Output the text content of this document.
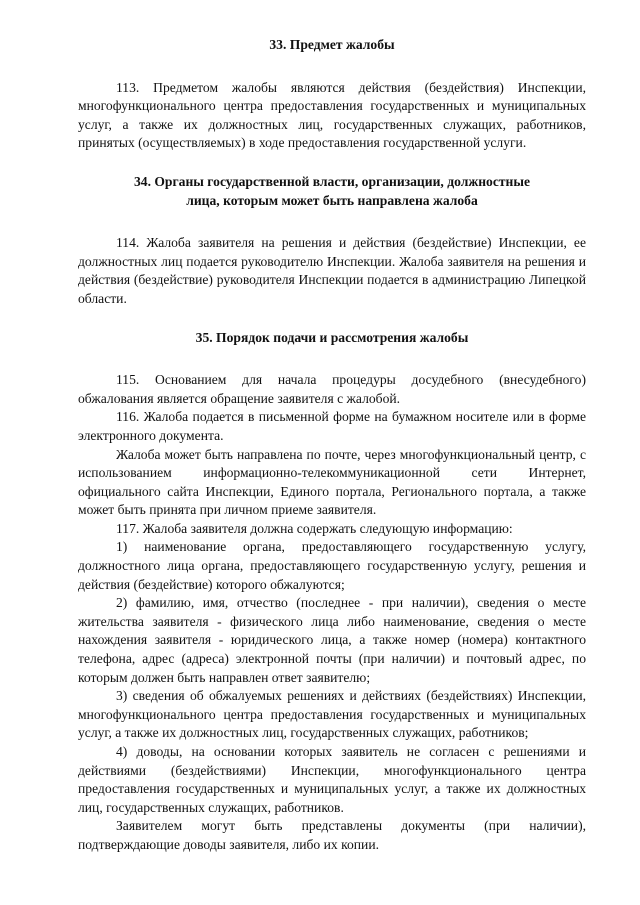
33. Предмет жалобы

113. Предметом жалобы являются действия (бездействия) Инспекции, многофункционального центра предоставления государственных и муниципальных услуг, а также их должностных лиц, государственных служащих, работников, принятых (осуществляемых) в ходе предоставления государственной услуги.

34. Органы государственной власти, организации, должностные
лица, которым может быть направлена жалоба

114. Жалоба заявителя на решения и действия (бездействие) Инспекции, ее должностных лиц подается руководителю Инспекции. Жалоба заявителя на решения и действия (бездействие) руководителя Инспекции подается в администрацию Липецкой области.

35. Порядок подачи и рассмотрения жалобы

115. Основанием для начала процедуры досудебного (внесудебного) обжалования является обращение заявителя с жалобой.

116. Жалоба подается в письменной форме на бумажном носителе или в форме электронного документа.

Жалоба может быть направлена по почте, через многофункциональный центр, с использованием информационно-телекоммуникационной сети Интернет, официального сайта Инспекции, Единого портала, Регионального портала, а также может быть принята при личном приеме заявителя.

117. Жалоба заявителя должна содержать следующую информацию:

1) наименование органа, предоставляющего государственную услугу, должностного лица органа, предоставляющего государственную услугу, решения и действия (бездействие) которого обжалуются;

2) фамилию, имя, отчество (последнее - при наличии), сведения о месте жительства заявителя - физического лица либо наименование, сведения о месте нахождения заявителя - юридического лица, а также номер (номера) контактного телефона, адрес (адреса) электронной почты (при наличии) и почтовый адрес, по которым должен быть направлен ответ заявителю;

3) сведения об обжалуемых решениях и действиях (бездействиях) Инспекции, многофункционального центра предоставления государственных и муниципальных услуг, а также их должностных лиц, государственных служащих, работников;

4) доводы, на основании которых заявитель не согласен с решениями и действиями (бездействиями) Инспекции, многофункционального центра предоставления государственных и муниципальных услуг, а также их должностных лиц, государственных служащих, работников.

Заявителем могут быть представлены документы (при наличии), подтверждающие доводы заявителя, либо их копии.
